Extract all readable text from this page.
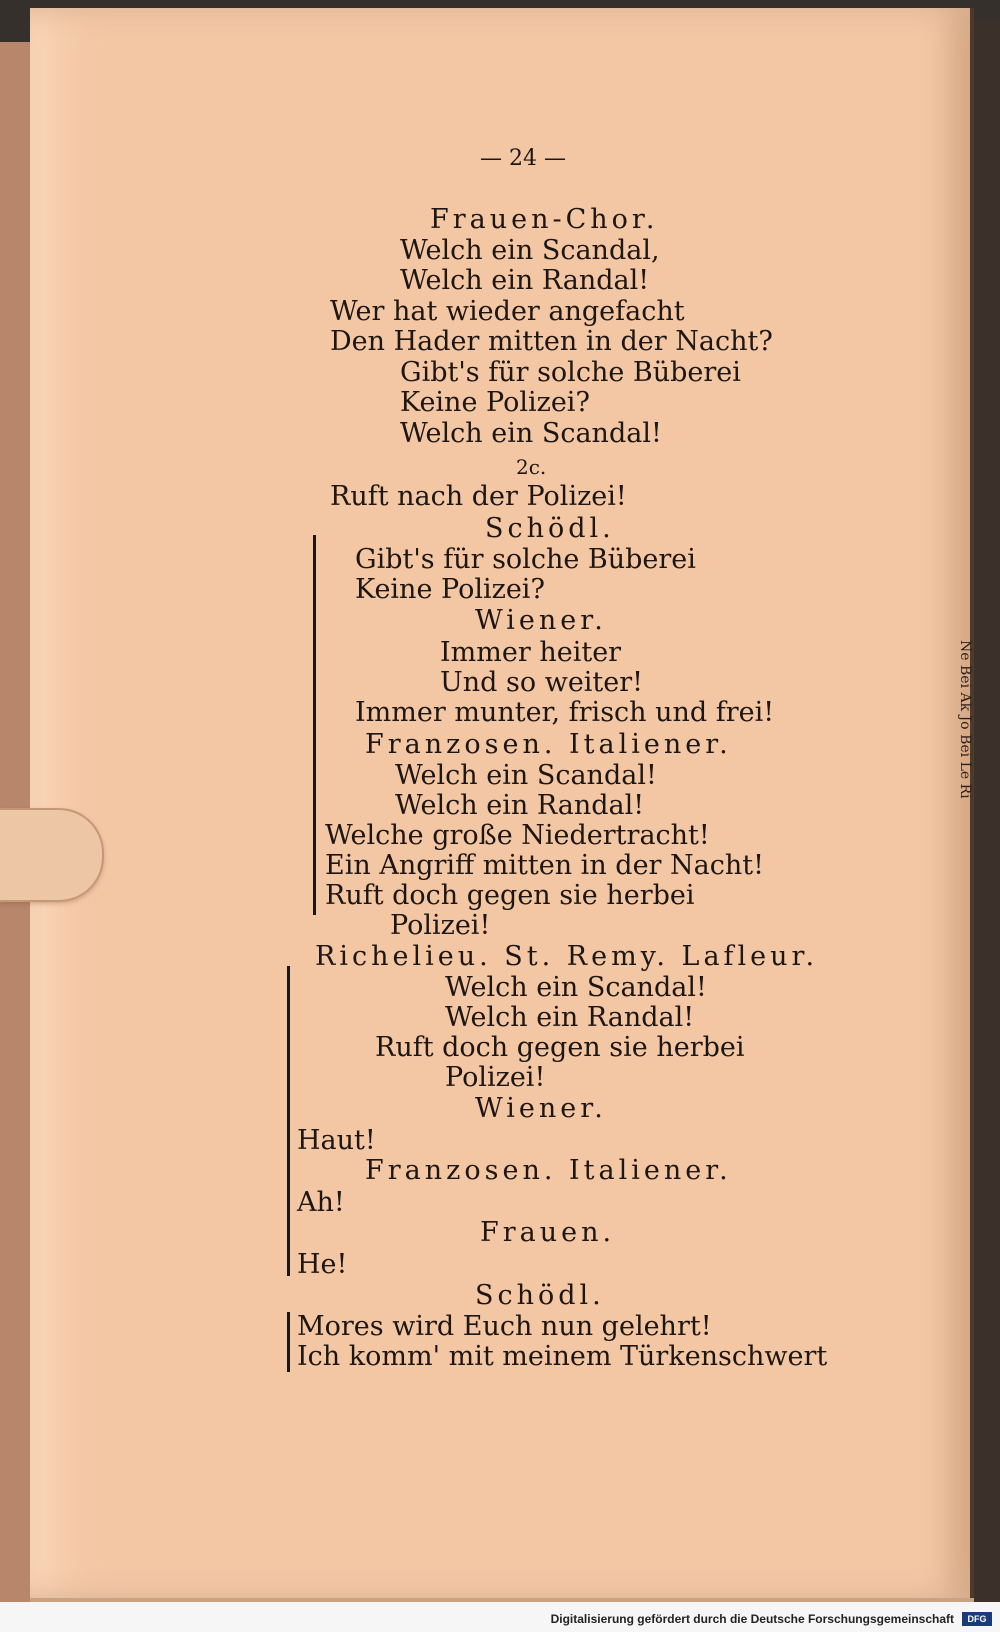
Ne Bei Ak Jo Bei Le Ri
— 24 —
Frauen-Chor.
Welch ein Scandal,
Welch ein Randal!
Wer hat wieder angefacht
Den Hader mitten in der Nacht?
Gibt's für solche Büberei
Keine Polizei?
Welch ein Scandal!
2c.
Ruft nach der Polizei!
Schödl.
Gibt's für solche Büberei
Keine Polizei?
Wiener.
Immer heiter
Und so weiter!
Immer munter, frisch und frei!
Franzosen. Italiener.
Welch ein Scandal!
Welch ein Randal!
Welche große Niedertracht!
Ein Angriff mitten in der Nacht!
Ruft doch gegen sie herbei
Polizei!
Richelieu. St. Remy. Lafleur.
Welch ein Scandal!
Welch ein Randal!
Ruft doch gegen sie herbei
Polizei!
Wiener.
Haut!
Franzosen. Italiener.
Ah!
Frauen.
He!
Schödl.
Mores wird Euch nun gelehrt!
Ich komm' mit meinem Türkenschwert
Digitalisierung gefördert durch die Deutsche Forschungsgemeinschaft	DFG
